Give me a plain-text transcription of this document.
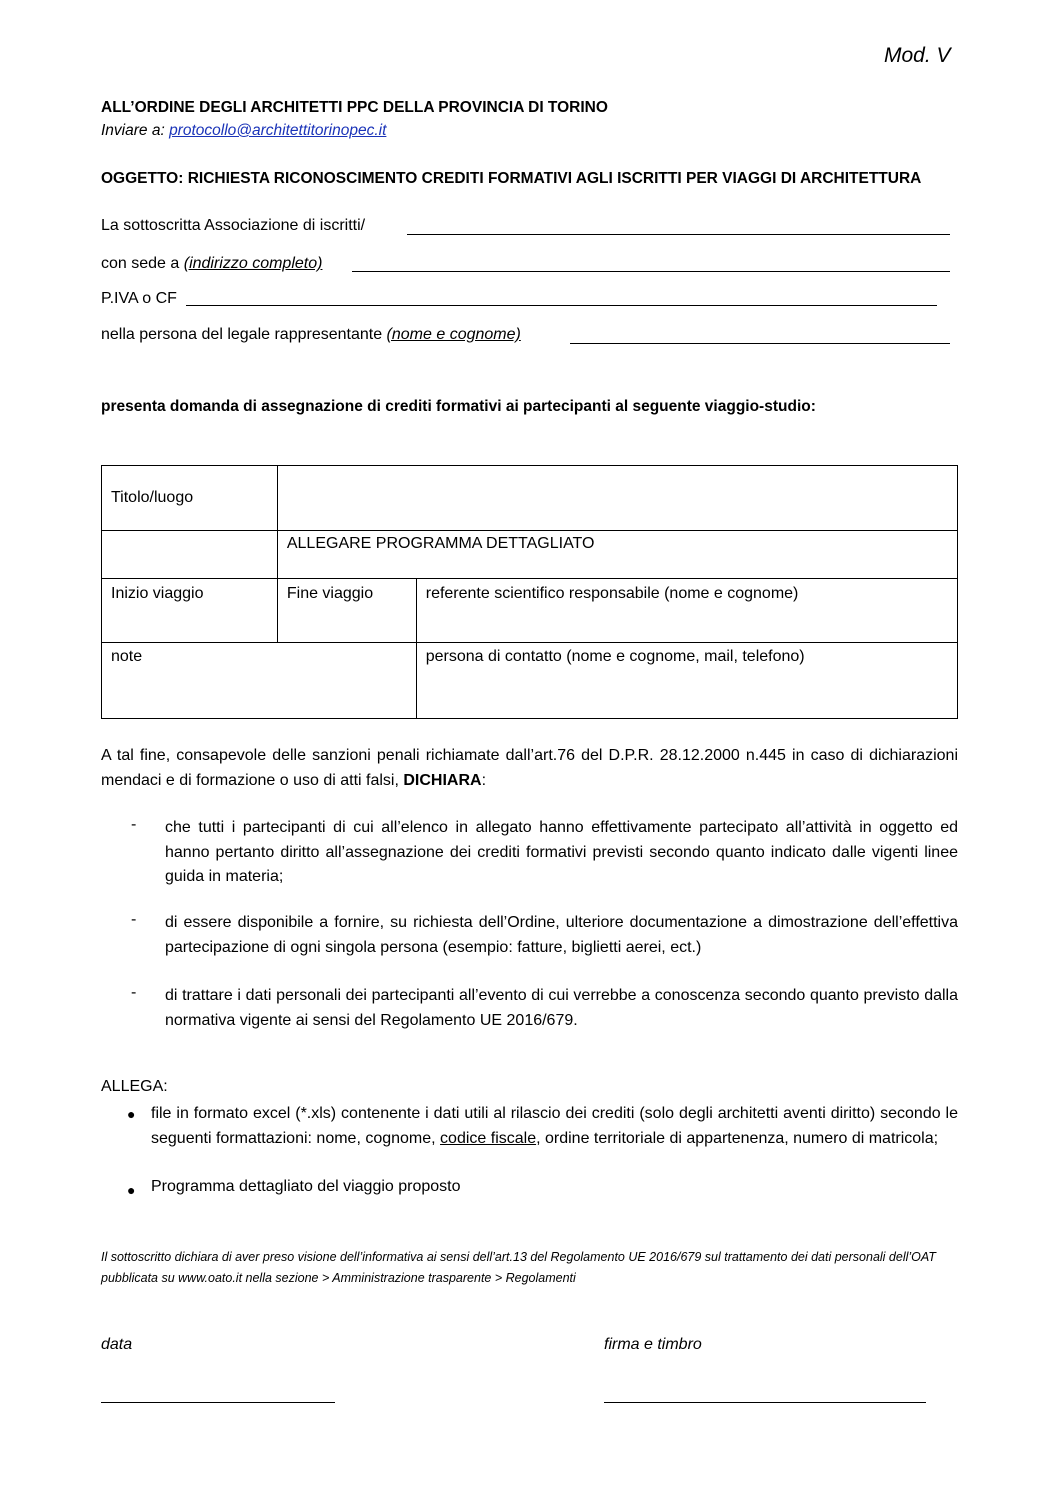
Mod. V
ALL’ORDINE DEGLI ARCHITETTI PPC DELLA PROVINCIA DI TORINO
Inviare a: protocollo@architettitorinopec.it
OGGETTO: RICHIESTA RICONOSCIMENTO CREDITI FORMATIVI AGLI ISCRITTI PER VIAGGI DI ARCHITETTURA
La sottoscritta Associazione di iscritti/
con sede a (indirizzo completo)
P.IVA o CF
nella persona del legale rappresentante (nome e cognome)
presenta domanda di assegnazione di crediti formativi ai partecipanti al seguente viaggio-studio:
Titolo/luogo		
	ALLEGARE PROGRAMMA DETTAGLIATO	
Inizio viaggio	Fine viaggio	referente scientifico responsabile (nome e cognome)
note		persona di contatto (nome e cognome, mail, telefono)
A tal fine, consapevole delle sanzioni penali richiamate dall’art.76 del D.P.R. 28.12.2000 n.445 in caso di dichiarazioni mendaci e di formazione o uso di atti falsi, DICHIARA:
- che tutti i partecipanti di cui all’elenco in allegato hanno effettivamente partecipato all’attività in oggetto ed hanno pertanto diritto all’assegnazione dei crediti formativi previsti secondo quanto indicato dalle vigenti linee guida in materia;
- di essere disponibile a fornire, su richiesta dell’Ordine, ulteriore documentazione a dimostrazione dell’effettiva partecipazione di ogni singola persona (esempio: fatture, biglietti aerei, ect.)
- di trattare i dati personali dei partecipanti all’evento di cui verrebbe a conoscenza secondo quanto previsto dalla normativa vigente ai sensi del Regolamento UE 2016/679.
ALLEGA:
● file in formato excel (*.xls) contenente i dati utili al rilascio dei crediti (solo degli architetti aventi diritto) secondo le seguenti formattazioni: nome, cognome, codice fiscale, ordine territoriale di appartenenza, numero di matricola;
● Programma dettagliato del viaggio proposto
Il sottoscritto dichiara di aver preso visione dell’informativa ai sensi dell’art.13 del Regolamento UE 2016/679 sul trattamento dei dati personali dell’OAT pubblicata su www.oato.it nella sezione > Amministrazione trasparente > Regolamenti
data	firma e timbro
